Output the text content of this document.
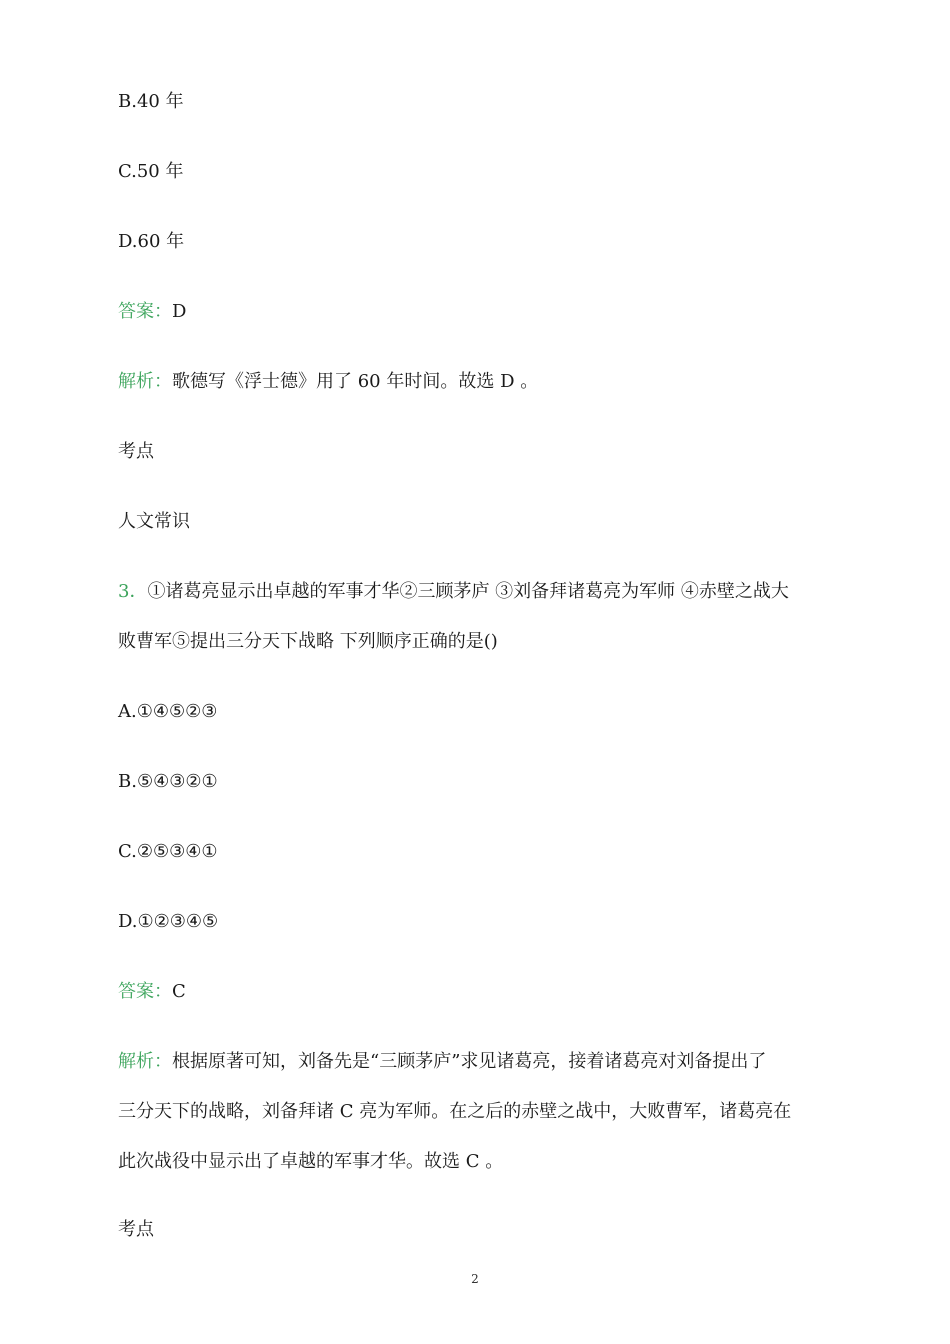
B.40 年
C.50 年
D.60 年
答案：D
解析：歌德写《浮士德》用了 60 年时间。故选 D 。
考点
人文常识
3．①诸葛亮显示出卓越的军事才华②三顾茅庐 ③刘备拜诸葛亮为军师 ④赤壁之战大
败曹军⑤提出三分天下战略 下列顺序正确的是()
A.①④⑤②③
B.⑤④③②①
C.②⑤③④①
D.①②③④⑤
答案：C
解析：根据原著可知，刘备先是“三顾茅庐”求见诸葛亮，接着诸葛亮对刘备提出了
三分天下的战略，刘备拜诸 C 亮为军师。在之后的赤壁之战中，大败曹军，诸葛亮在
此次战役中显示出了卓越的军事才华。故选 C 。
考点
2
